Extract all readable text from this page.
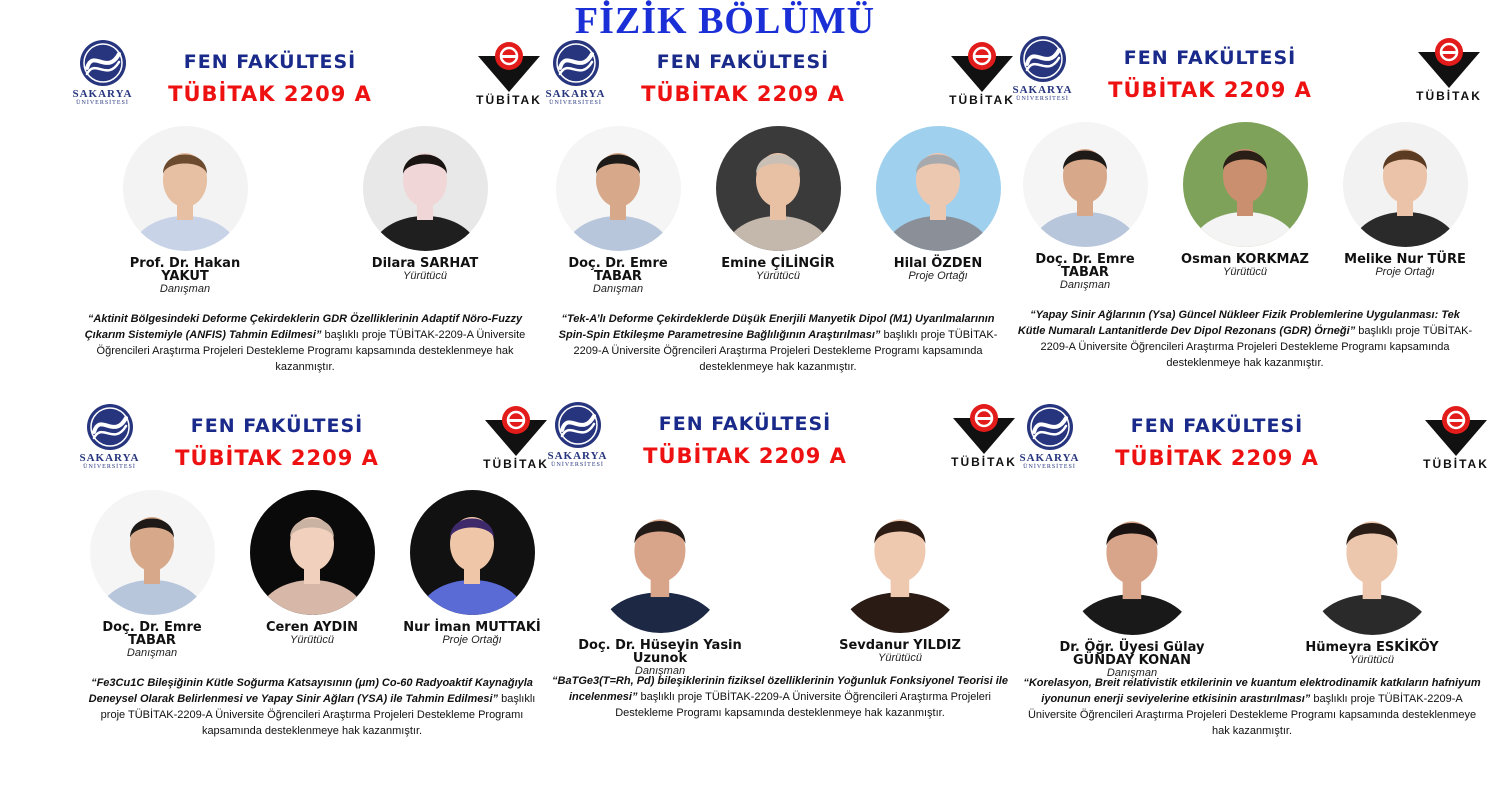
FİZİK BÖLÜMÜ
SAKARYA
ÜNİVERSİTESİ
FEN FAKÜLTESİ
TÜBİTAK 2209 A	TÜBİTAK
Prof. Dr. Hakan YAKUT
Danışman
Dilara SARHAT
Yürütücü
“Aktinit Bölgesindeki Deforme Çekirdeklerin GDR Özelliklerinin Adaptif Nöro-Fuzzy Çıkarım Sistemiyle (ANFIS) Tahmin Edilmesi” başlıklı proje TÜBİTAK-2209-A Üniversite Öğrencileri Araştırma Projeleri Destekleme Programı kapsamında desteklenmeye hak kazanmıştır.
SAKARYA
ÜNİVERSİTESİ
FEN FAKÜLTESİ
TÜBİTAK 2209 A	TÜBİTAK
Doç. Dr. Emre TABAR
Danışman
Emine ÇİLİNGİR
Yürütücü
Hilal ÖZDEN
Proje Ortağı
“Tek-A’lı Deforme Çekirdeklerde Düşük Enerjili Manyetik Dipol (M1) Uyarılmalarının Spin-Spin Etkileşme Parametresine Bağlılığının Araştırılması” başlıklı proje TÜBİTAK-2209-A Üniversite Öğrencileri Araştırma Projeleri Destekleme Programı kapsamında desteklenmeye hak kazanmıştır.
SAKARYA
ÜNİVERSİTESİ
FEN FAKÜLTESİ
TÜBİTAK 2209 A	TÜBİTAK
Doç. Dr. Emre TABAR
Danışman
Osman KORKMAZ
Yürütücü
Melike Nur TÜRE
Proje Ortağı
“Yapay Sinir Ağlarının (Ysa) Güncel Nükleer Fizik Problemlerine Uygulanması: Tek Kütle Numaralı Lantanitlerde Dev Dipol Rezonans (GDR) Örneği” başlıklı proje TÜBİTAK-2209-A Üniversite Öğrencileri Araştırma Projeleri Destekleme Programı kapsamında desteklenmeye hak kazanmıştır.
SAKARYA
ÜNİVERSİTESİ
FEN FAKÜLTESİ
TÜBİTAK 2209 A	TÜBİTAK
Doç. Dr. Emre TABAR
Danışman
Ceren AYDIN
Yürütücü
Nur İman MUTTAKİ
Proje Ortağı
“Fe3Cu1C Bileşiğinin Kütle Soğurma Katsayısının (μm) Co-60 Radyoaktif Kaynağıyla Deneysel Olarak Belirlenmesi ve Yapay Sinir Ağları (YSA) ile Tahmin Edilmesi” başlıklı proje TÜBİTAK-2209-A Üniversite Öğrencileri Araştırma Projeleri Destekleme Programı kapsamında desteklenmeye hak kazanmıştır.
SAKARYA
ÜNİVERSİTESİ
FEN FAKÜLTESİ
TÜBİTAK 2209 A	TÜBİTAK
Doç. Dr. Hüseyin Yasin Uzunok
Danışman
Sevdanur YILDIZ
Yürütücü
“BaTGe3(T=Rh, Pd) bileşiklerinin fiziksel özelliklerinin Yoğunluk Fonksiyonel Teorisi ile incelenmesi” başlıklı proje TÜBİTAK-2209-A Üniversite Öğrencileri Araştırma Projeleri Destekleme Programı kapsamında desteklenmeye hak kazanmıştır.
SAKARYA
ÜNİVERSİTESİ
FEN FAKÜLTESİ
TÜBİTAK 2209 A	TÜBİTAK
Dr. Öğr. Üyesi Gülay GÜNDAY KONAN
Danışman
Hümeyra ESKİKÖY
Yürütücü
“Korelasyon, Breit relativistik etkilerinin ve kuantum elektrodinamik katkıların hafniyum iyonunun enerji seviyelerine etkisinin arastırılması” başlıklı proje TÜBİTAK-2209-A Üniversite Öğrencileri Araştırma Projeleri Destekleme Programı kapsamında desteklenmeye hak kazanmıştır.
